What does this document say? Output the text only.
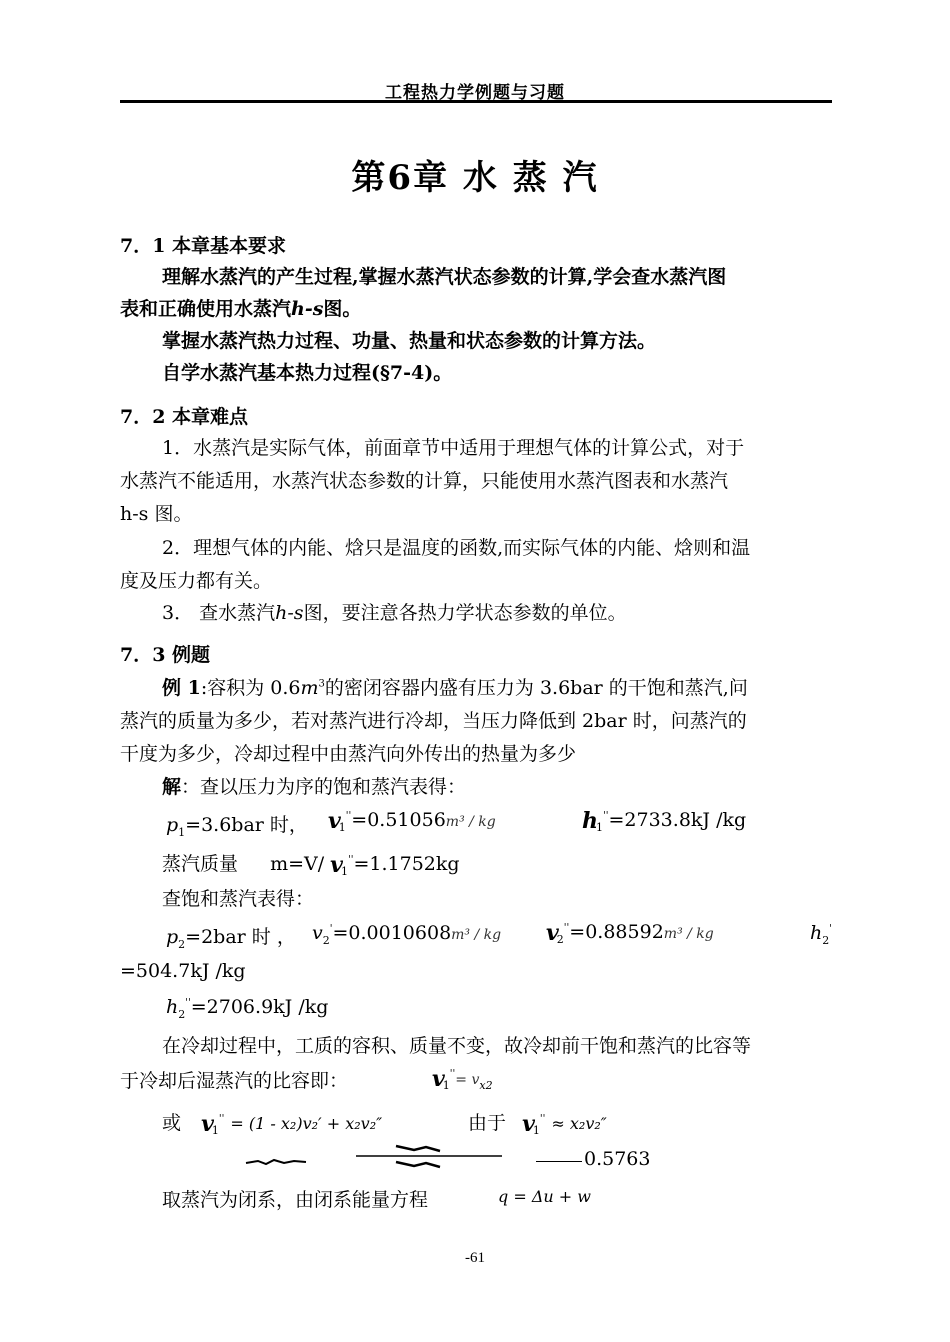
工程热力学例题与习题
第6章 水 蒸 汽
7．1 本章基本要求
理解水蒸汽的产生过程,掌握水蒸汽状态参数的计算,学会查水蒸汽图
表和正确使用水蒸汽h-s图。
掌握水蒸汽热力过程、功量、热量和状态参数的计算方法。
自学水蒸汽基本热力过程(§7-4)。
7．2 本章难点
1．水蒸汽是实际气体，前面章节中适用于理想气体的计算公式，对于
水蒸汽不能适用，水蒸汽状态参数的计算，只能使用水蒸汽图表和水蒸汽
h-s 图。
2．理想气体的内能、焓只是温度的函数,而实际气体的内能、焓则和温
度及压力都有关。
3． 查水蒸汽h-s图，要注意各热力学状态参数的单位。
7．3 例题
例 1:容积为 $0.6m^3$的密闭容器内盛有压力为 3.6bar 的干饱和蒸汽,问
蒸汽的质量为多少，若对蒸汽进行冷却，当压力降低到 2bar 时，问蒸汽的
干度为多少，冷却过程中由蒸汽向外传出的热量为多少
解：查以压力为序的饱和蒸汽表得：
$p_1=3.6bar$ 时， $v_1''=0.51056m^3$ / kg	$h_1''=2733.8kJ$ /kg
蒸汽质量 m=V/ $v_1''=1.1752kg$
查饱和蒸汽表得：
$p_2=2bar$ 时 ， $v_2'=0.0010608m^3$ / kg $v_2''=0.88592m^3$ / kg	$h_2'$
=504.7kJ /kg
$h_2''=2706.9kJ$ /kg
在冷却过程中，工质的容积、质量不变，故冷却前干饱和蒸汽的比容等
于冷却后湿蒸汽的比容即：	$v_1''= v_{x2}$
或 $v_1'' = (1 - x_2)v_2' + x_2v_2''$	由于 $v_1'' \approx x_2v_2''$
0.5763
取蒸汽为闭系，由闭系能量方程	q = Δu + w
-61
